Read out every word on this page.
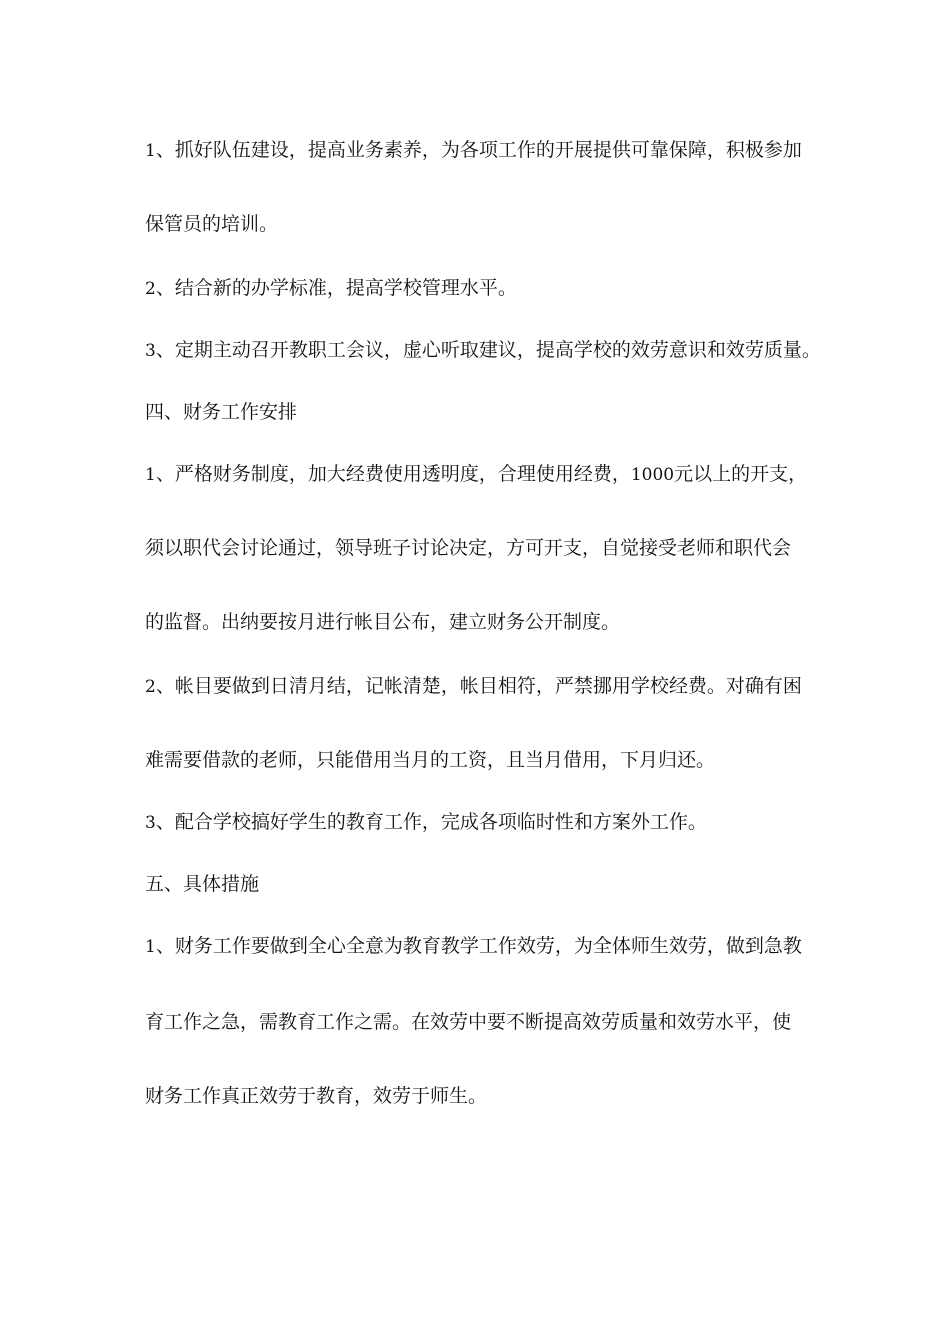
1、抓好队伍建设，提高业务素养，为各项工作的开展提供可靠保障，积极参加
保管员的培训。
2、结合新的办学标准，提高学校管理水平。
3、定期主动召开教职工会议，虚心听取建议，提高学校的效劳意识和效劳质量。
四、财务工作安排
1、严格财务制度，加大经费使用透明度，合理使用经费，1000元以上的开支，
须以职代会讨论通过，领导班子讨论决定，方可开支，自觉接受老师和职代会
的监督。出纳要按月进行帐目公布，建立财务公开制度。
2、帐目要做到日清月结，记帐清楚，帐目相符，严禁挪用学校经费。对确有困
难需要借款的老师，只能借用当月的工资，且当月借用，下月归还。
3、配合学校搞好学生的教育工作，完成各项临时性和方案外工作。
五、具体措施
1、财务工作要做到全心全意为教育教学工作效劳，为全体师生效劳，做到急教
育工作之急，需教育工作之需。在效劳中要不断提高效劳质量和效劳水平，使
财务工作真正效劳于教育，效劳于师生。
